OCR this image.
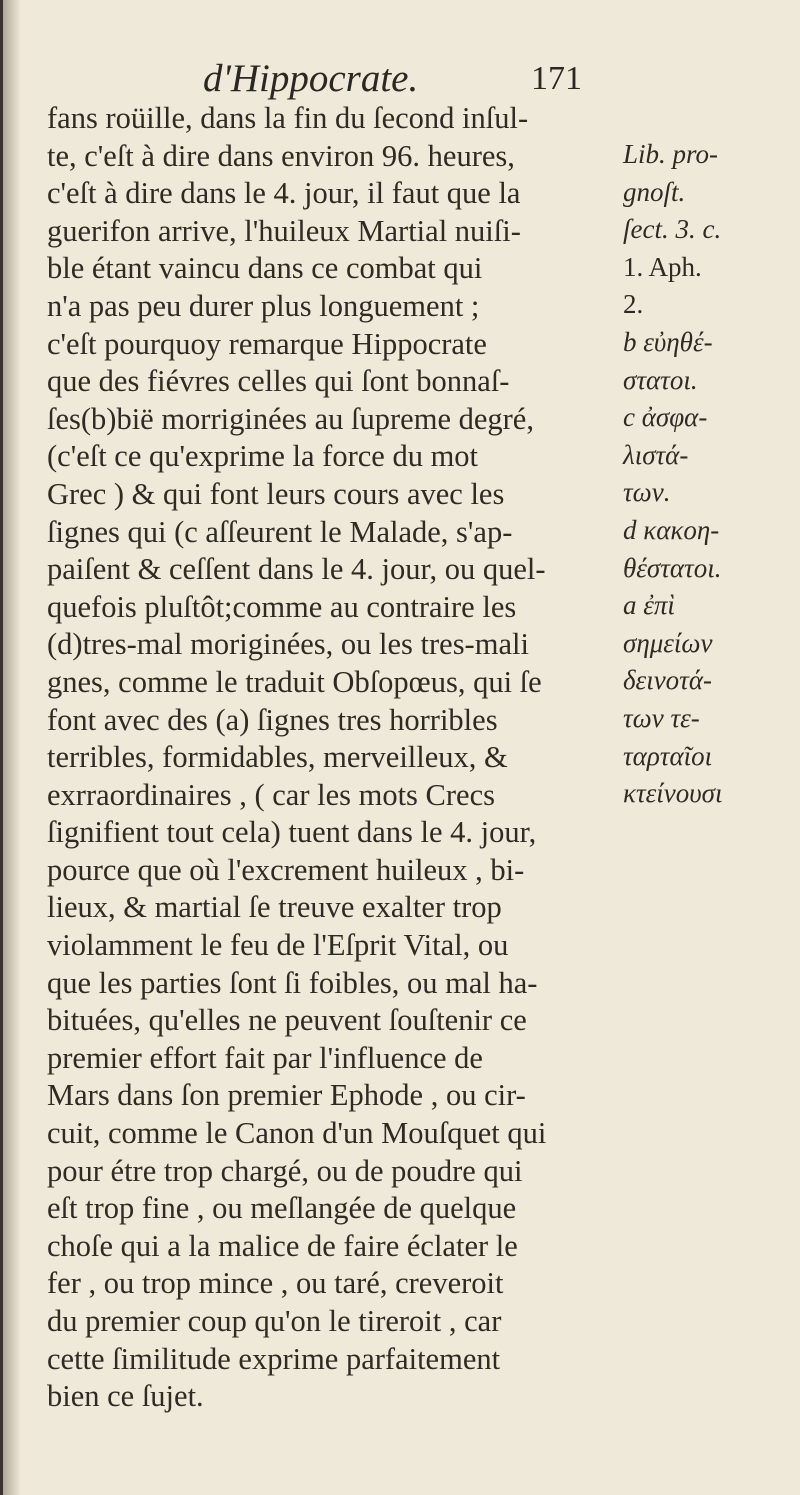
d'Hippocrate.	171
fans roüille, dans la fin du ſecond inſul-
te, c'eſt à dire dans environ 96. heures,
c'eſt à dire dans le 4. jour, il faut que la
guerifon arrive, l'huileux Martial nuiſi-
ble étant vaincu dans ce combat qui
n'a pas peu durer plus longuement ;
c'eſt pourquoy remarque Hippocrate
que des fiévres celles qui ſont bonnaſ-
ſes(b)bië morriginées au ſupreme degré,
(c'eſt ce qu'exprime la force du mot
Grec ) & qui font leurs cours avec les
ſignes qui (c aſſeurent le Malade, s'ap-
paiſent & ceſſent dans le 4. jour, ou quel-
quefois pluſtôt;comme au contraire les
(d)tres-mal moriginées, ou les tres-mali
gnes, comme le traduit Obſopœus, qui ſe
font avec des (a) ſignes tres horribles
terribles, formidables, merveilleux, &
exrraordinaires , ( car les mots Crecs
ſignifient tout cela) tuent dans le 4. jour,
pource que où l'excrement huileux , bi-
lieux, & martial ſe treuve exalter trop
violamment le feu de l'Eſprit Vital, ou
que les parties ſont ſi foibles, ou mal ha-
bituées, qu'elles ne peuvent ſouſtenir ce
premier effort fait par l'influence de
Mars dans ſon premier Ephode , ou cir-
cuit, comme le Canon d'un Mouſquet qui
pour étre trop chargé, ou de poudre qui
eſt trop fine , ou meſlangée de quelque
choſe qui a la malice de faire éclater le
fer , ou trop mince , ou taré, creveroit
du premier coup qu'on le tireroit , car
cette ſimilitude exprime parfaitement
bien ce ſujet.
Lib. pro-
gnoſt.
ſect. 3. c.
1. Aph.
2.
b εὐηθέ-
στατοι.
c ἀσφα-
λιστά-
των.
d κακοη-
θέστατοι.
a ἐπὶ
σημείων
δεινοτά-
των τε-
ταρταῖοι
κτείνουσι
